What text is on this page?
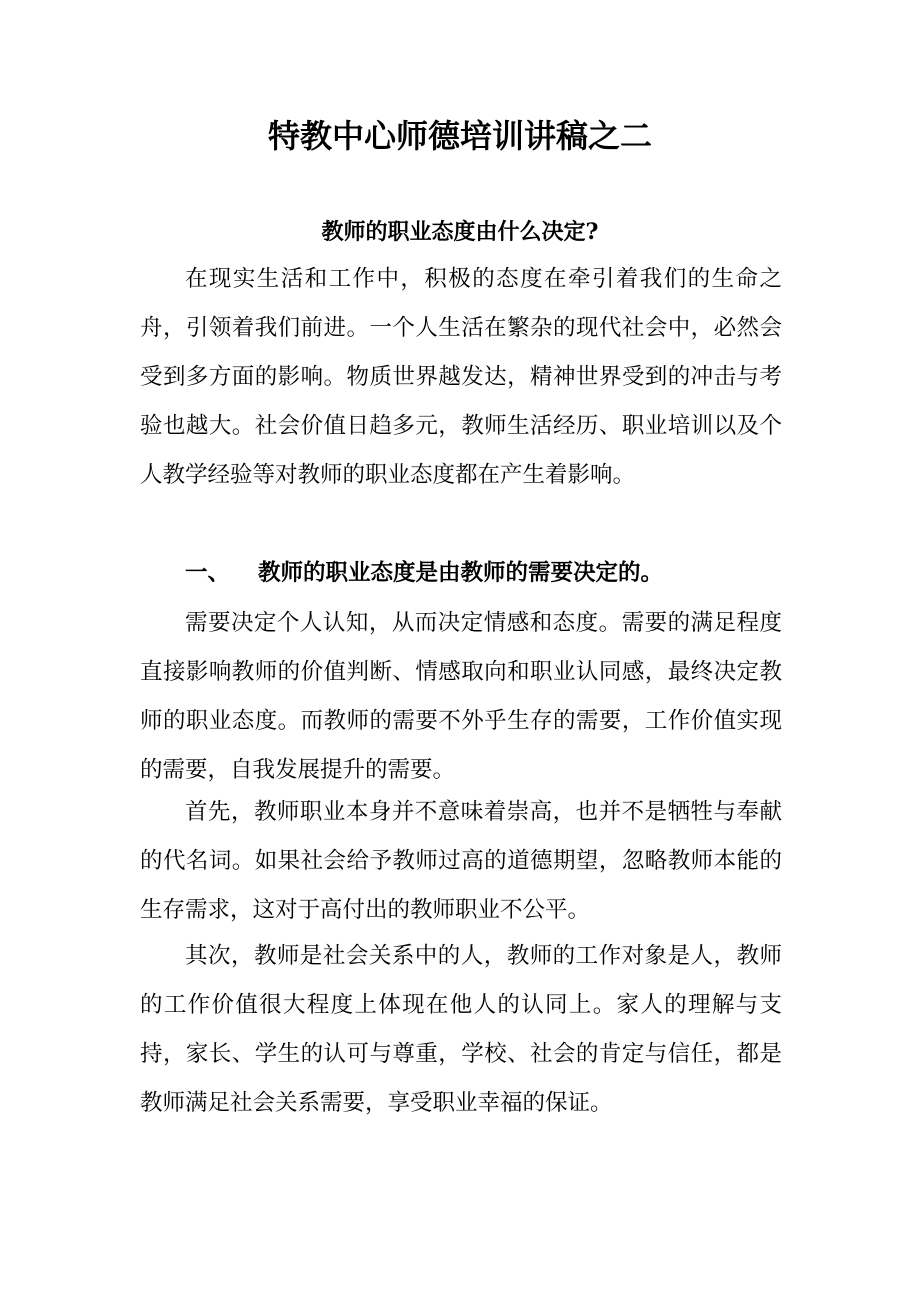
特教中心师德培训讲稿之二
教师的职业态度由什么决定?

在现实生活和工作中，积极的态度在牵引着我们的生命之舟，引领着我们前进。一个人生活在繁杂的现代社会中，必然会受到多方面的影响。物质世界越发达，精神世界受到的冲击与考验也越大。社会价值日趋多元，教师生活经历、职业培训以及个人教学经验等对教师的职业态度都在产生着影响。

一、 教师的职业态度是由教师的需要决定的。

需要决定个人认知，从而决定情感和态度。需要的满足程度直接影响教师的价值判断、情感取向和职业认同感，最终决定教师的职业态度。而教师的需要不外乎生存的需要，工作价值实现的需要，自我发展提升的需要。

首先，教师职业本身并不意味着崇高，也并不是牺牲与奉献的代名词。如果社会给予教师过高的道德期望，忽略教师本能的生存需求，这对于高付出的教师职业不公平。

其次，教师是社会关系中的人，教师的工作对象是人，教师的工作价值很大程度上体现在他人的认同上。家人的理解与支持，家长、学生的认可与尊重，学校、社会的肯定与信任，都是教师满足社会关系需要，享受职业幸福的保证。
